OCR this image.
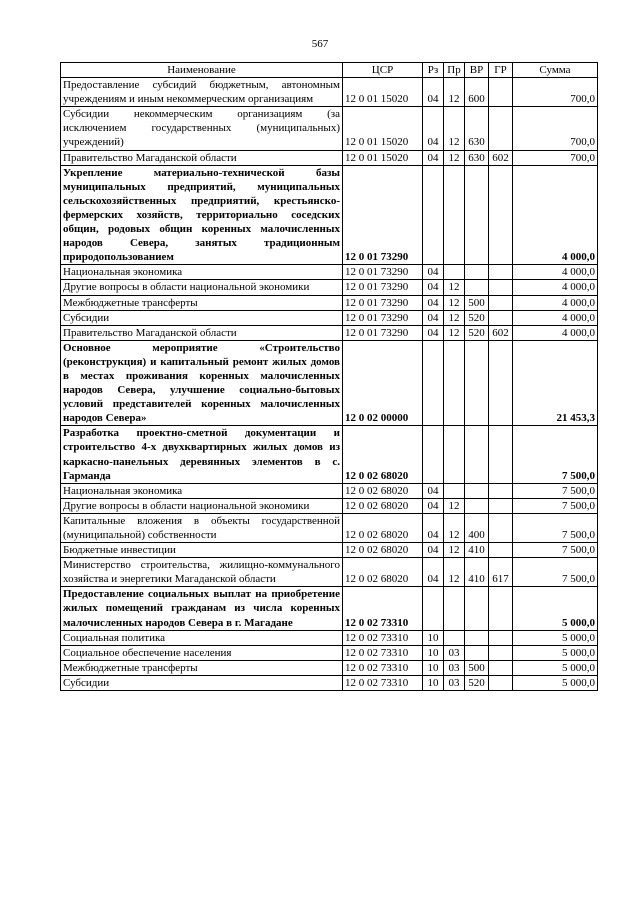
567
Наименование	ЦСР	Рз	Пр	ВР	ГР	Сумма
Предоставление субсидий бюджетным, автономным учреждениям и иным некоммерческим организациям	12 0 01 15020	04	12	600		700,0
Субсидии некоммерческим организациям (за исключением государственных (муниципальных) учреждений)	12 0 01 15020	04	12	630		700,0
Правительство Магаданской области	12 0 01 15020	04	12	630	602	700,0
Укрепление материально-технической базы муниципальных предприятий, муниципальных сельскохозяйственных предприятий, крестьянско-фермерских хозяйств, территориально соседских общин, родовых общин коренных малочисленных народов Севера, занятых традиционным природопользованием	12 0 01 73290					4 000,0
Национальная экономика	12 0 01 73290	04				4 000,0
Другие вопросы в области национальной экономики	12 0 01 73290	04	12			4 000,0
Межбюджетные трансферты	12 0 01 73290	04	12	500		4 000,0
Субсидии	12 0 01 73290	04	12	520		4 000,0
Правительство Магаданской области	12 0 01 73290	04	12	520	602	4 000,0
Основное мероприятие «Строительство (реконструкция) и капитальный ремонт жилых домов в местах проживания коренных малочисленных народов Севера, улучшение социально-бытовых условий представителей коренных малочисленных народов Севера»	12 0 02 00000					21 453,3
Разработка проектно-сметной документации и строительство 4-х двухквартирных жилых домов из каркасно-панельных деревянных элементов в с. Гарманда	12 0 02 68020					7 500,0
Национальная экономика	12 0 02 68020	04				7 500,0
Другие вопросы в области национальной экономики	12 0 02 68020	04	12			7 500,0
Капитальные вложения в объекты государственной (муниципальной) собственности	12 0 02 68020	04	12	400		7 500,0
Бюджетные инвестиции	12 0 02 68020	04	12	410		7 500,0
Министерство строительства, жилищно-коммунального хозяйства и энергетики Магаданской области	12 0 02 68020	04	12	410	617	7 500,0
Предоставление социальных выплат на приобретение жилых помещений гражданам из числа коренных малочисленных народов Севера в г. Магадане	12 0 02 73310					5 000,0
Социальная политика	12 0 02 73310	10				5 000,0
Социальное обеспечение населения	12 0 02 73310	10	03			5 000,0
Межбюджетные трансферты	12 0 02 73310	10	03	500		5 000,0
Субсидии	12 0 02 73310	10	03	520		5 000,0
